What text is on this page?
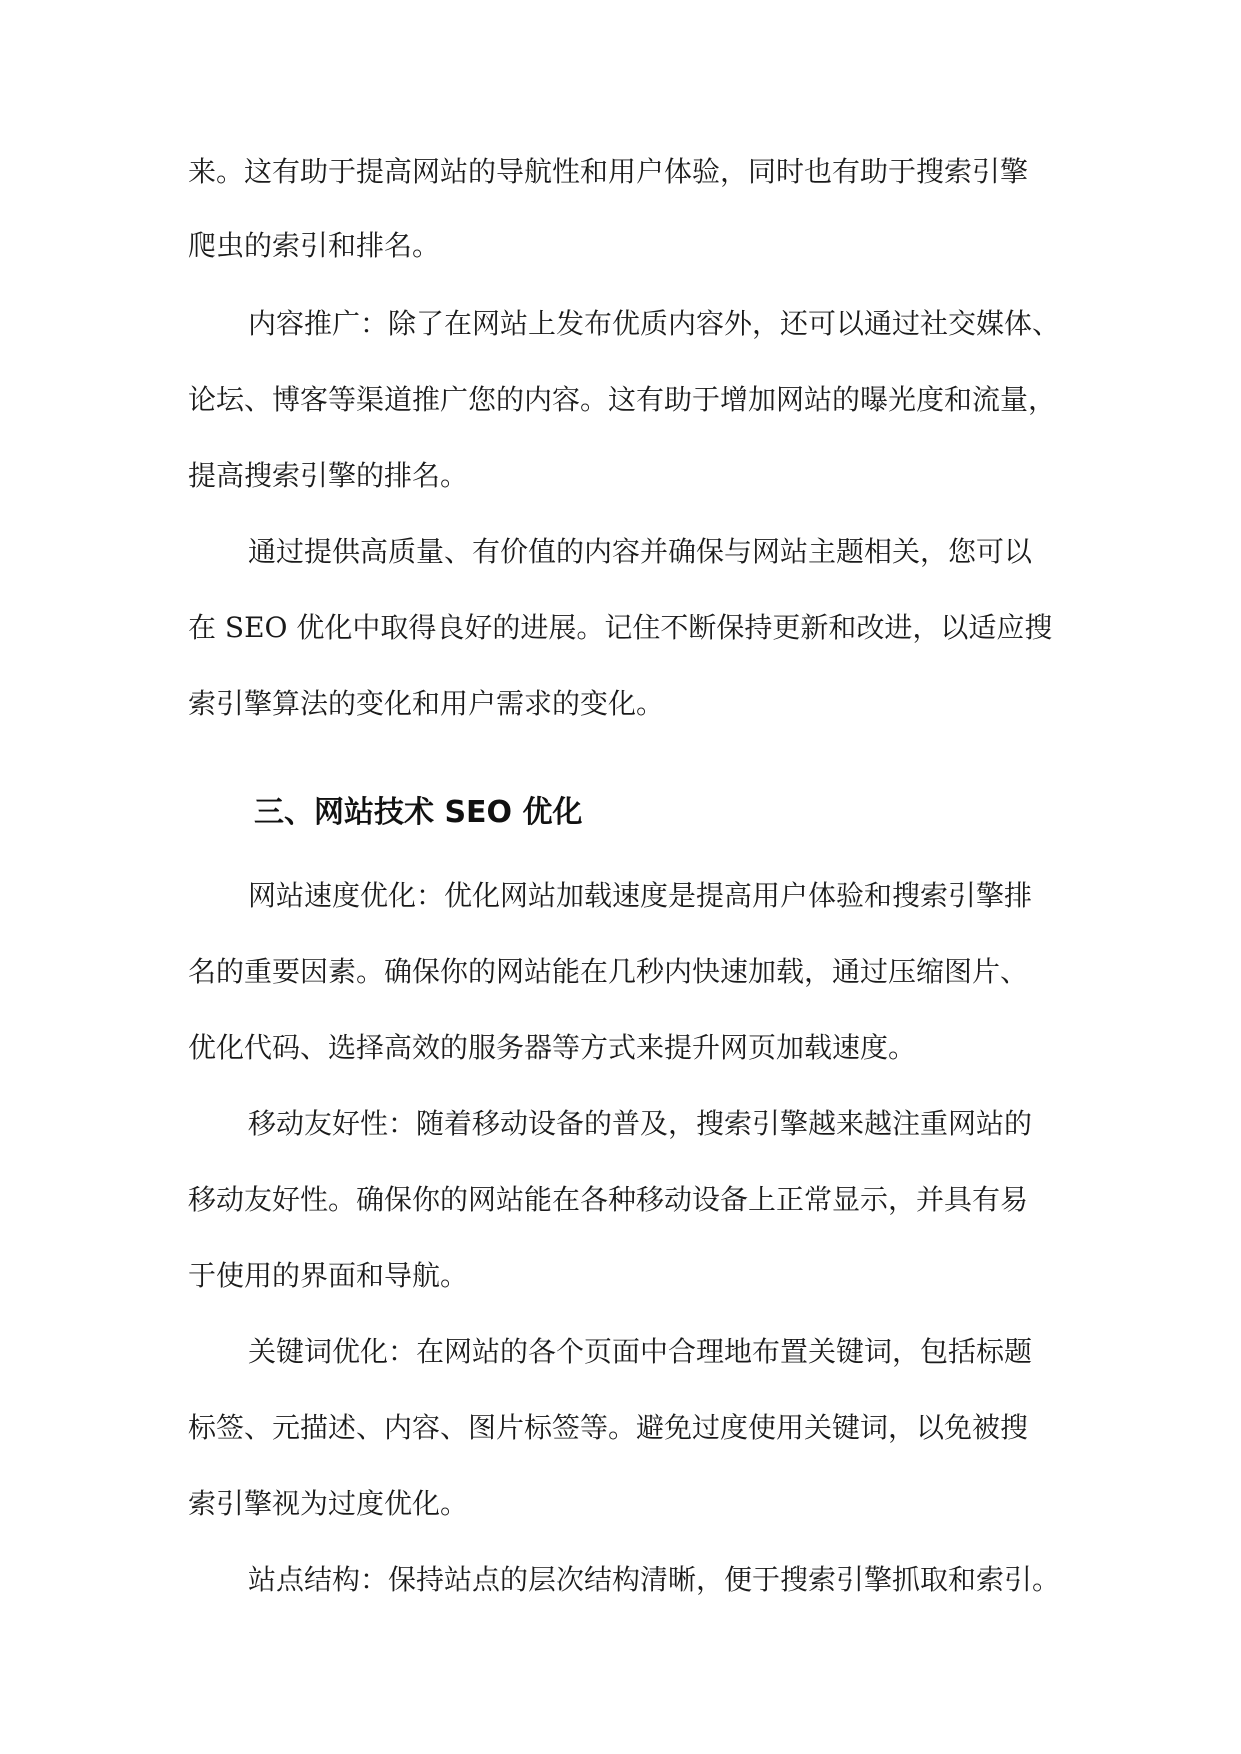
来。这有助于提高网站的导航性和用户体验，同时也有助于搜索引擎

爬虫的索引和排名。

内容推广：除了在网站上发布优质内容外，还可以通过社交媒体、

论坛、博客等渠道推广您的内容。这有助于增加网站的曝光度和流量，

提高搜索引擎的排名。

通过提供高质量、有价值的内容并确保与网站主题相关，您可以

在 SEO 优化中取得良好的进展。记住不断保持更新和改进，以适应搜

索引擎算法的变化和用户需求的变化。

三、网站技术 SEO 优化

网站速度优化：优化网站加载速度是提高用户体验和搜索引擎排

名的重要因素。确保你的网站能在几秒内快速加载，通过压缩图片、

优化代码、选择高效的服务器等方式来提升网页加载速度。

移动友好性：随着移动设备的普及，搜索引擎越来越注重网站的

移动友好性。确保你的网站能在各种移动设备上正常显示，并具有易

于使用的界面和导航。

关键词优化：在网站的各个页面中合理地布置关键词，包括标题

标签、元描述、内容、图片标签等。避免过度使用关键词，以免被搜

索引擎视为过度优化。

站点结构：保持站点的层次结构清晰，便于搜索引擎抓取和索引。
